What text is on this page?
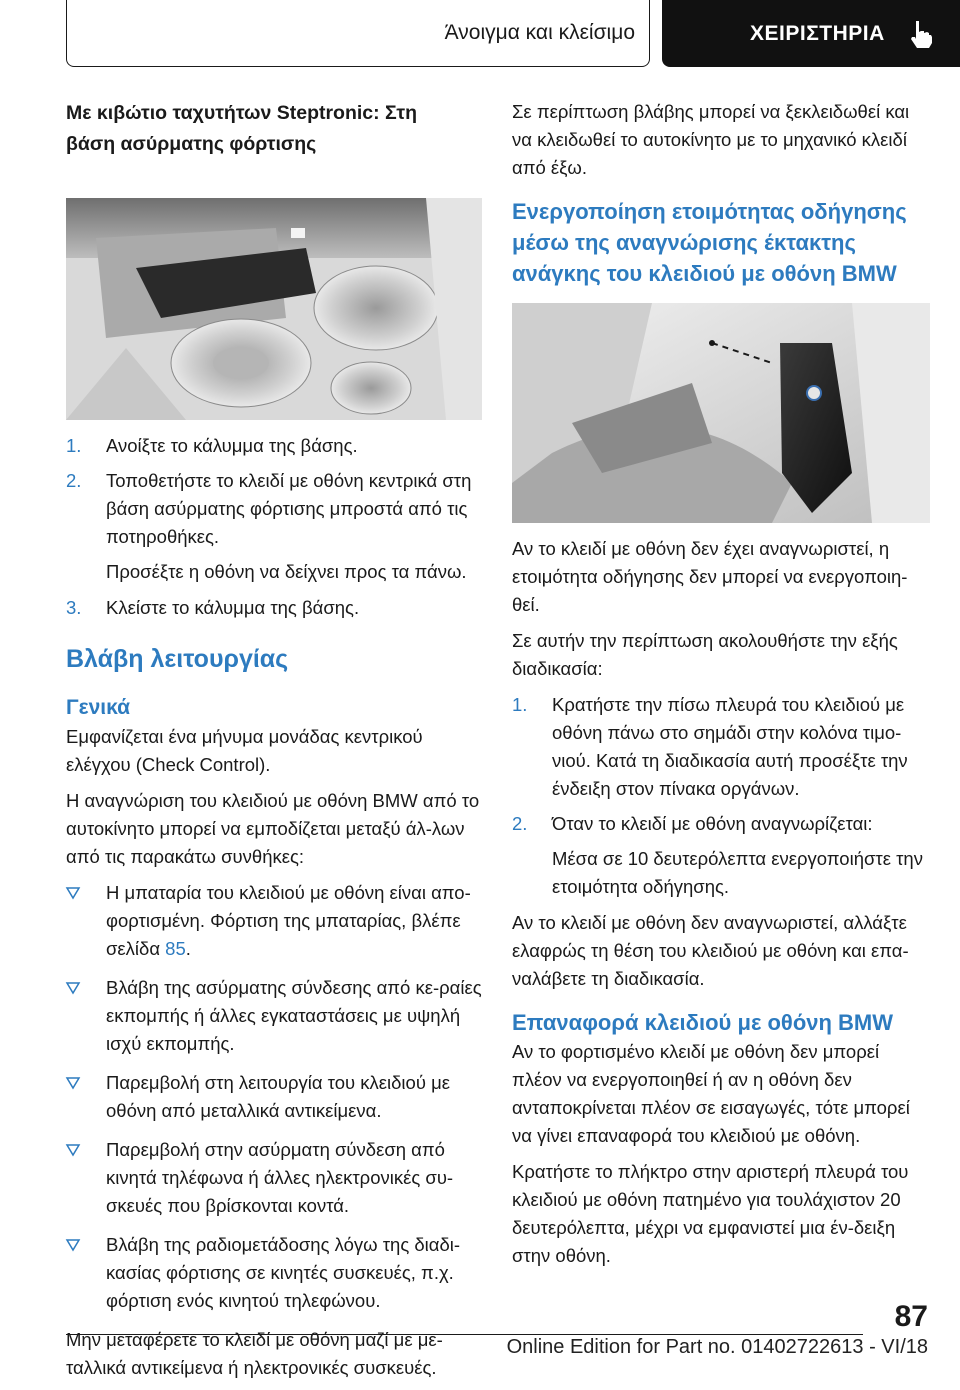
Άνοιγμα και κλείσιμο	ΧΕΙΡΙΣΤΗΡΙΑ
Με κιβώτιο ταχυτήτων Steptronic: Στη βάση ασύρματης φόρτισης
1. Ανοίξτε το κάλυμμα της βάσης.
2. Τοποθετήστε το κλειδί με οθόνη κεντρικά στη βάση ασύρματης φόρτισης μπροστά από τις ποτηροθήκες.
Προσέξτε η οθόνη να δείχνει προς τα πάνω.
3. Κλείστε το κάλυμμα της βάσης.
Βλάβη λειτουργίας
Γενικά

Εμφανίζεται ένα μήνυμα μονάδας κεντρικού ελέγχου (Check Control).

Η αναγνώριση του κλειδιού με οθόνη BMW από το αυτοκίνητο μπορεί να εμποδίζεται μεταξύ άλ-λων από τις παρακάτω συνθήκες:

Η μπαταρία του κλειδιού με οθόνη είναι απο-φορτισμένη. Φόρτιση της μπαταρίας, βλέπε σελίδα 85.
Βλάβη της ασύρματης σύνδεσης από κε-ραίες εκπομπής ή άλλες εγκαταστάσεις με υψηλή ισχύ εκπομπής.
Παρεμβολή στη λειτουργία του κλειδιού με οθόνη από μεταλλικά αντικείμενα.
Παρεμβολή στην ασύρματη σύνδεση από κινητά τηλέφωνα ή άλλες ηλεκτρονικές συ-σκευές που βρίσκονται κοντά.
Βλάβη της ραδιομετάδοσης λόγω της διαδι-κασίας φόρτισης σε κινητές συσκευές, π.χ. φόρτιση ενός κινητού τηλεφώνου.

Μην μεταφέρετε το κλειδί με οθόνη μαζί με με-ταλλικά αντικείμενα ή ηλεκτρονικές συσκευές.

Σε περίπτωση βλάβης μπορεί να ξεκλειδωθεί και να κλειδωθεί το αυτοκίνητο με το μηχανικό κλειδί από έξω.

Ενεργοποίηση ετοιμότητας οδήγησης μέσω της αναγνώρισης έκτακτης ανάγκης του κλειδιού με οθόνη BMW

Αν το κλειδί με οθόνη δεν έχει αναγνωριστεί, η ετοιμότητα οδήγησης δεν μπορεί να ενεργοποιη-θεί.

Σε αυτήν την περίπτωση ακολουθήστε την εξής διαδικασία:

1. Κρατήστε την πίσω πλευρά του κλειδιού με οθόνη πάνω στο σημάδι στην κολόνα τιμο-νιού. Κατά τη διαδικασία αυτή προσέξτε την ένδειξη στον πίνακα οργάνων.
2. Όταν το κλειδί με οθόνη αναγνωρίζεται:
Μέσα σε 10 δευτερόλεπτα ενεργοποιήστε την ετοιμότητα οδήγησης.

Αν το κλειδί με οθόνη δεν αναγνωριστεί, αλλάξτε ελαφρώς τη θέση του κλειδιού με οθόνη και επα-ναλάβετε τη διαδικασία.

Επαναφορά κλειδιού με οθόνη BMW

Αν το φορτισμένο κλειδί με οθόνη δεν μπορεί πλέον να ενεργοποιηθεί ή αν η οθόνη δεν ανταποκρίνεται πλέον σε εισαγωγές, τότε μπορεί να γίνει επαναφορά του κλειδιού με οθόνη.

Κρατήστε το πλήκτρο στην αριστερή πλευρά του κλειδιού με οθόνη πατημένο για τουλάχιστον 20 δευτερόλεπτα, μέχρι να εμφανιστεί μια έν-δειξη στην οθόνη.

87
Online Edition for Part no. 01402722613 - VI/18
